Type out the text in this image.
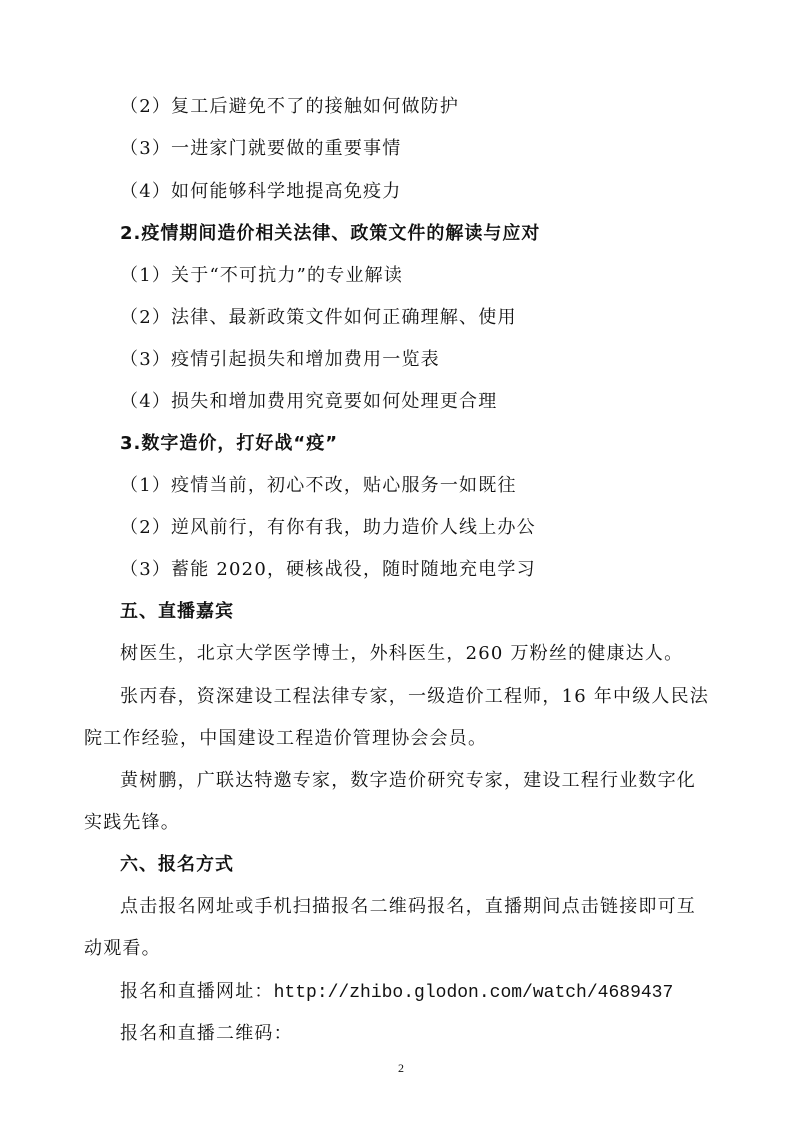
（2）复工后避免不了的接触如何做防护
（3）一进家门就要做的重要事情
（4）如何能够科学地提高免疫力
2.疫情期间造价相关法律、政策文件的解读与应对
（1）关于“不可抗力”的专业解读
（2）法律、最新政策文件如何正确理解、使用
（3）疫情引起损失和增加费用一览表
（4）损失和增加费用究竟要如何处理更合理
3.数字造价，打好战“疫”
（1）疫情当前，初心不改，贴心服务一如既往
（2）逆风前行，有你有我，助力造价人线上办公
（3）蓄能 2020，硬核战役，随时随地充电学习
五、直播嘉宾
树医生，北京大学医学博士，外科医生，260 万粉丝的健康达人。
张丙春，资深建设工程法律专家，一级造价工程师，16 年中级人民法
院工作经验，中国建设工程造价管理协会会员。
黄树鹏，广联达特邀专家，数字造价研究专家，建设工程行业数字化
实践先锋。
六、报名方式
点击报名网址或手机扫描报名二维码报名，直播期间点击链接即可互
动观看。
报名和直播网址：http://zhibo.glodon.com/watch/4689437
报名和直播二维码：
2
